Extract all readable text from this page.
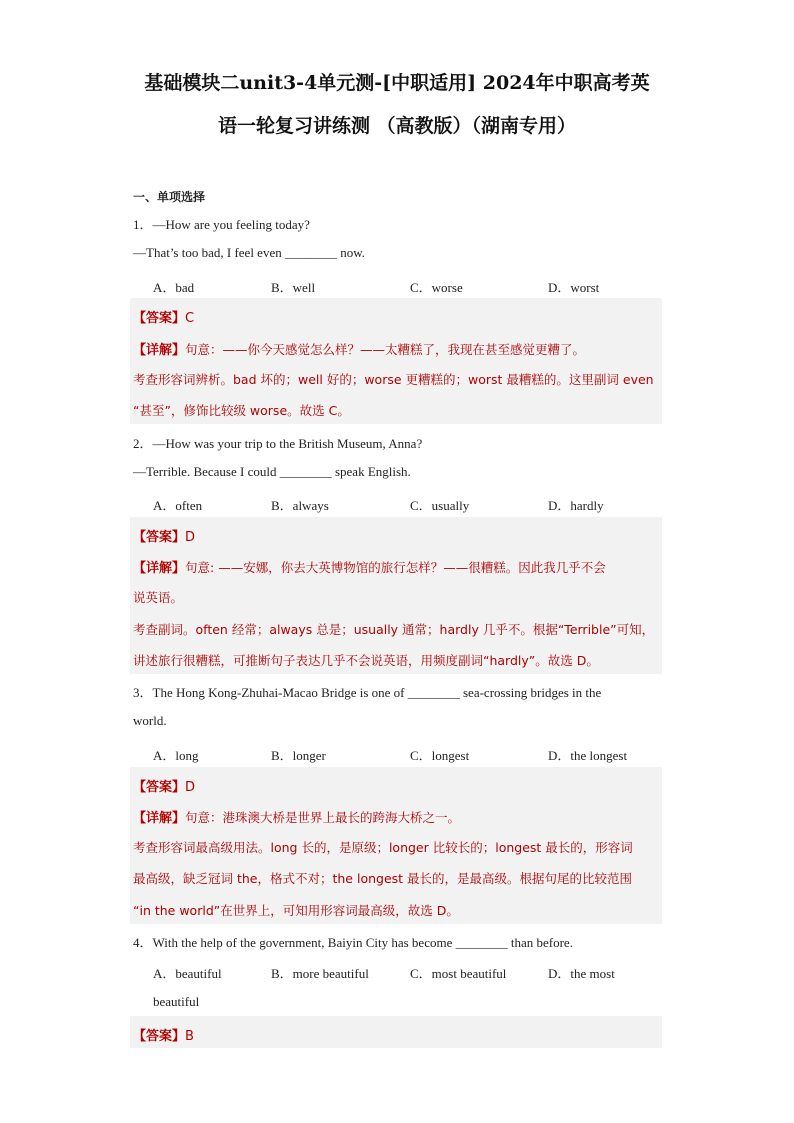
基础模块二unit3-4单元测-[中职适用] 2024年中职高考英
语一轮复习讲练测 （高教版）（湖南专用）
一、单项选择
1．—How are you feeling today?
—That’s too bad, I feel even ________ now.
A．bad	B．well	C．worse	D．worst
【答案】C
【详解】句意：——你今天感觉怎么样？——太糟糕了，我现在甚至感觉更糟了。
考查形容词辨析。bad 坏的；well 好的；worse 更糟糕的；worst 最糟糕的。这里副词 even
“甚至”，修饰比较级 worse。故选 C。
2．—How was your trip to the British Museum, Anna?
—Terrible. Because I could ________ speak English.
A．often	B．always	C．usually	D．hardly
【答案】D
【详解】句意: ——安娜，你去大英博物馆的旅行怎样？——很糟糕。因此我几乎不会
说英语。
考查副词。often 经常；always 总是；usually 通常；hardly 几乎不。根据“Terrible”可知，
讲述旅行很糟糕，可推断句子表达几乎不会说英语，用频度副词“hardly”。故选 D。
3．The Hong Kong-Zhuhai-Macao Bridge is one of ________ sea-crossing bridges in the
world.
A．long	B．longer	C．longest	D．the longest
【答案】D
【详解】句意：港珠澳大桥是世界上最长的跨海大桥之一。
考查形容词最高级用法。long 长的，是原级；longer 比较长的；longest 最长的，形容词
最高级，缺乏冠词 the，格式不对；the longest 最长的，是最高级。根据句尾的比较范围
“in the world”在世界上，可知用形容词最高级，故选 D。
4．With the help of the government, Baiyin City has become ________ than before.
A．beautiful	B．more beautiful	C．most beautiful	D．the most
beautiful
【答案】B
